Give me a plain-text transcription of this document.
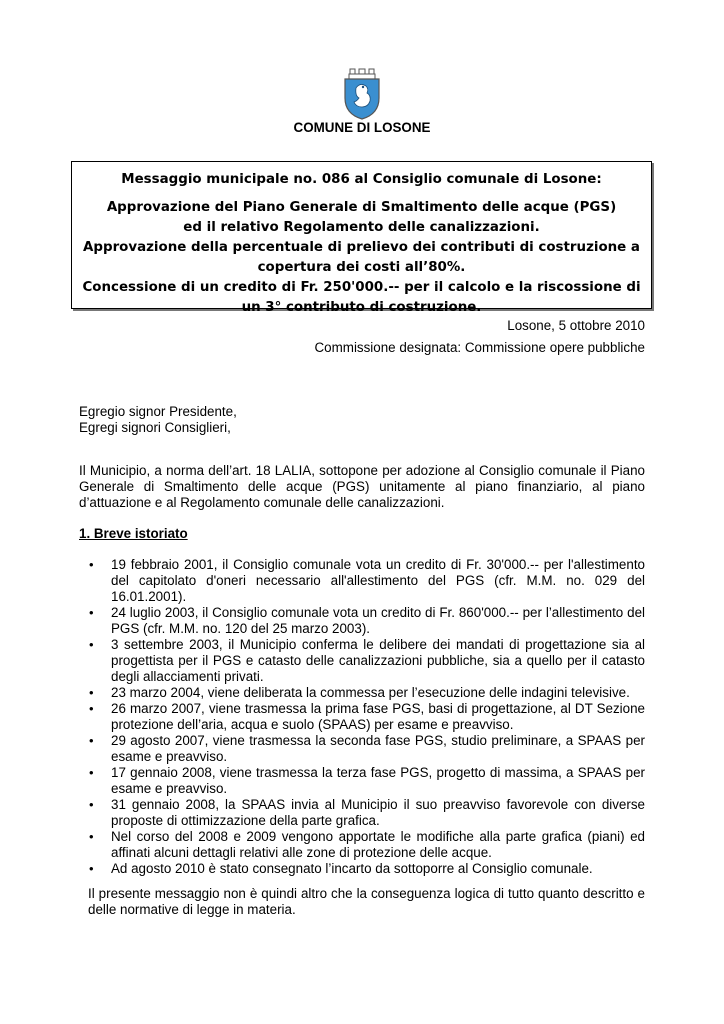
COMUNE DI LOSONE
Messaggio municipale no. 086 al Consiglio comunale di Losone:
Approvazione del Piano Generale di Smaltimento delle acque (PGS)
ed il relativo Regolamento delle canalizzazioni.
Approvazione della percentuale di prelievo dei contributi di costruzione a
copertura dei costi all’80%.
Concessione di un credito di Fr. 250'000.-- per il calcolo e la riscossione di
un 3° contributo di costruzione.
Losone, 5 ottobre 2010
Commissione designata: Commissione opere pubbliche
Egregio signor Presidente,
Egregi signori Consiglieri,
Il Municipio, a norma dell’art. 18 LALIA, sottopone per adozione al Consiglio comunale il Piano Generale di Smaltimento delle acque (PGS) unitamente al piano finanziario, al piano d’attuazione e al Regolamento comunale delle canalizzazioni.
1. Breve istoriato
• 19 febbraio 2001, il Consiglio comunale vota un credito di Fr. 30'000.-- per l'allestimento del capitolato d'oneri necessario all'allestimento del PGS (cfr. M.M. no. 029 del 16.01.2001).
• 24 luglio 2003, il Consiglio comunale vota un credito di Fr. 860'000.-- per l’allestimento del PGS (cfr. M.M. no. 120 del 25 marzo 2003).
• 3 settembre 2003, il Municipio conferma le delibere dei mandati di progettazione sia al progettista per il PGS e catasto delle canalizzazioni pubbliche, sia a quello per il catasto degli allacciamenti privati.
• 23 marzo 2004, viene deliberata la commessa per l’esecuzione delle indagini televisive.
• 26 marzo 2007, viene trasmessa la prima fase PGS, basi di progettazione, al DT Sezione protezione dell’aria, acqua e suolo (SPAAS) per esame e preavviso.
• 29 agosto 2007, viene trasmessa la seconda fase PGS, studio preliminare, a SPAAS per esame e preavviso.
• 17 gennaio 2008, viene trasmessa la terza fase PGS, progetto di massima, a SPAAS per esame e preavviso.
• 31 gennaio 2008, la SPAAS invia al Municipio il suo preavviso favorevole con diverse proposte di ottimizzazione della parte grafica.
• Nel corso del 2008 e 2009 vengono apportate le modifiche alla parte grafica (piani) ed affinati alcuni dettagli relativi alle zone di protezione delle acque.
• Ad agosto 2010 è stato consegnato l’incarto da sottoporre al Consiglio comunale.
Il presente messaggio non è quindi altro che la conseguenza logica di tutto quanto descritto e delle normative di legge in materia.
